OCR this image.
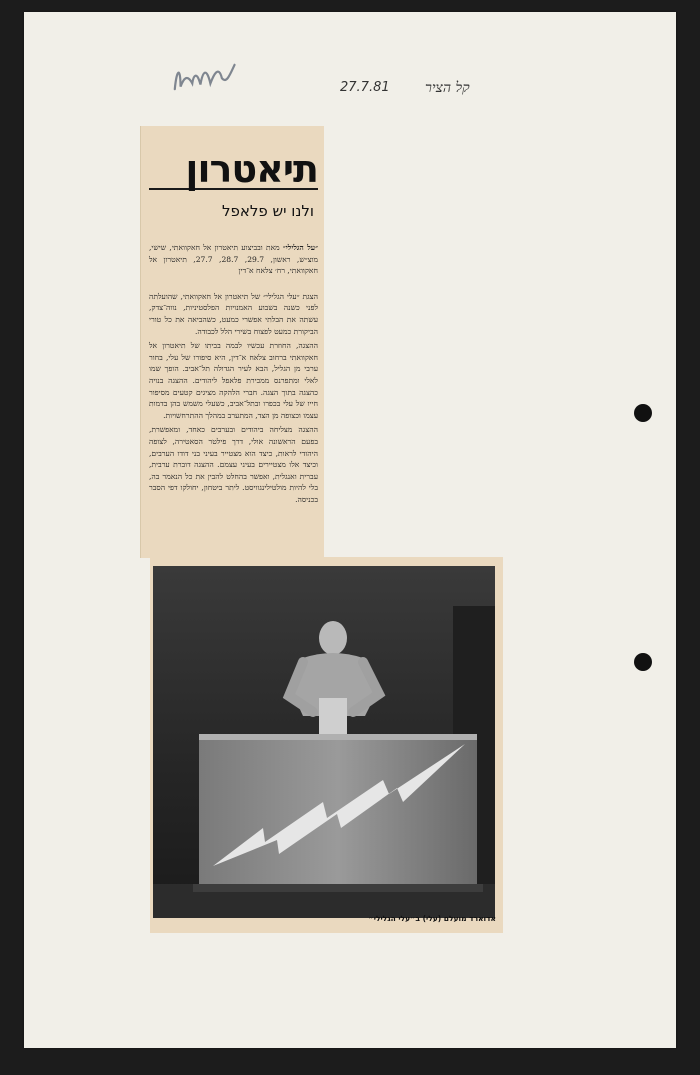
27.7.81	קל הציר
תיאטרון
ולנו יש פלאפל
״על הגלילי״ מאת ובביצוע תיאטרון אל חאקוואתי, שישי, מוצ״ש, ראשון, 29.7, 28.7, 27.7, תיאטרון אל חאקוואתי, רח׳ צלאח א־דין

הצגת ״עלי הגלילי״ של תיאטרון אל חאקוואתי, שהועלתה לפני כשנה בשבוע האמנויות הפלסטיניות, נווה־צדק, עשתה את הבלתי אפשרי כמעט, כשהביאה את כל טורי הביקורת כמעט לפצוח בשירי הלל לכבודה.

ההצגה, החוזרת עכשיו לבמה בביתו של תיאטרון אל חאקוואתי ברחוב צלאח א־דין, היא סיפורו של עלי, בחור ערבי מן הגליל, הבא לעיר הגדולה תל־אביב. הופך שמו לאלי ומתפרנס ממכירת פלאפל ליהודים. ההצגה בנויה כהצגה בתוך הצגה. חברי הלהקה מציגים קטעים מסיפור חייו של עלי בכפרו ובתל־אביב, כשעלי משמש בהן בדמות עצמו וכצופה מן הצד, המתערב במהלך ההתרחשויות.

ההצגה מצליחה ביהודים ובערבים כאחד, ומאפשרת, בפעם הראשונה אולי, דרך פילטר הסאטירה, לצופה היהודי לראות, כיצד הוא מצטייר בעיני בני דודו הערבים, וכיצד אלו מצטיירים בעיני עצמם. ההצגה דוברת ערבית, עברית ואנגלית, ואפשר בהחלט להבין את כל הנאמר בה, בלי להיות מולטילינגוויסט. ליתר ביטחון, יחולקו דפי הסבר בכניסה.

אדוארד מועלם (עלי) ב״עלי הגלילי״
